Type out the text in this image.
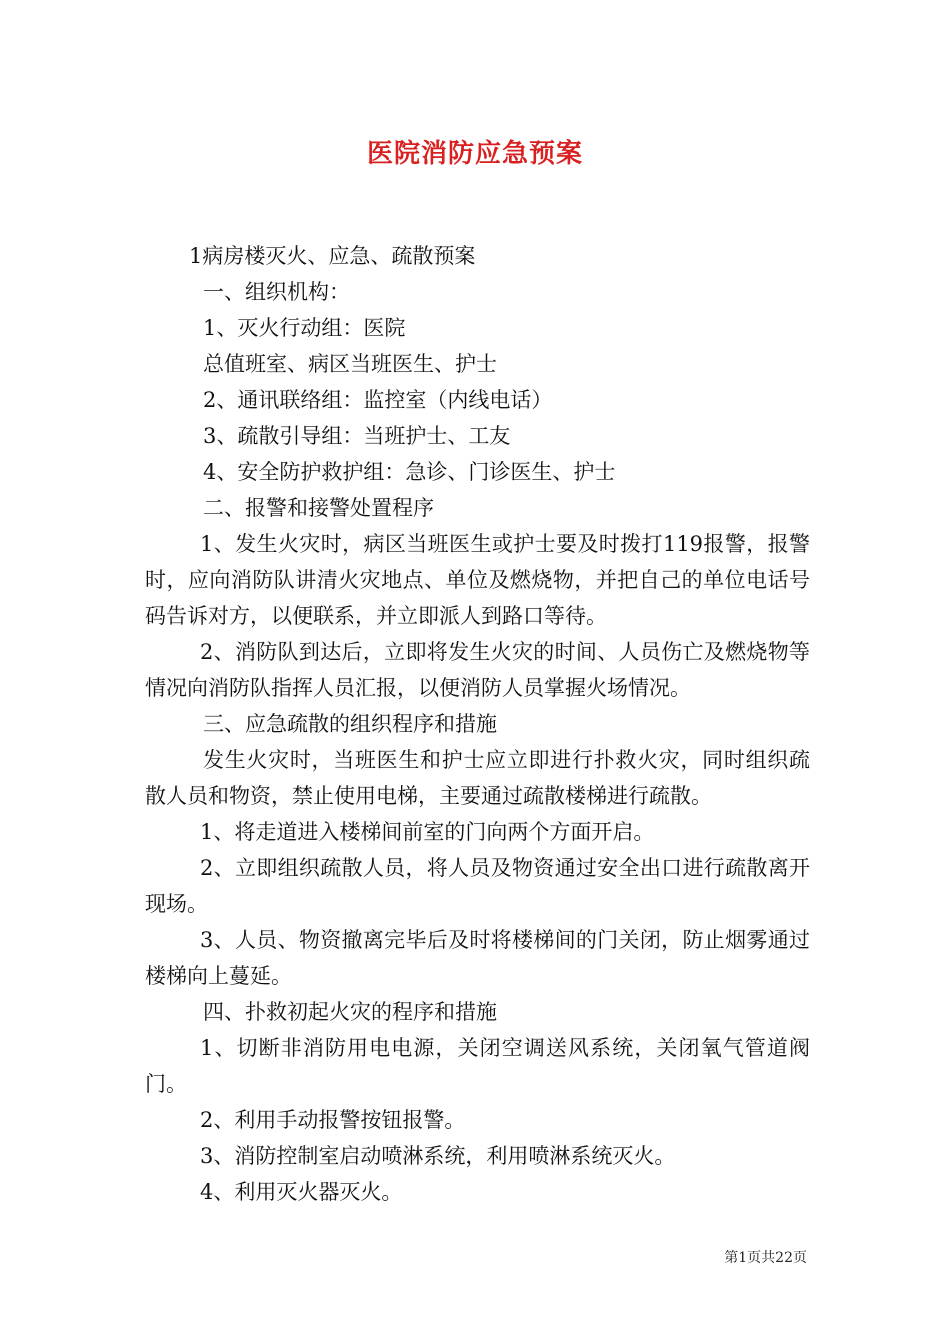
医院消防应急预案
1病房楼灭火、应急、疏散预案
一、组织机构：
1、灭火行动组：医院
总值班室、病区当班医生、护士
2、通讯联络组：监控室（内线电话）
3、疏散引导组：当班护士、工友
4、安全防护救护组：急诊、门诊医生、护士
二、报警和接警处置程序
1、发生火灾时，病区当班医生或护士要及时拨打119报警，报警时，应向消防队讲清火灾地点、单位及燃烧物，并把自己的单位电话号码告诉对方，以便联系，并立即派人到路口等待。
2、消防队到达后，立即将发生火灾的时间、人员伤亡及燃烧物等情况向消防队指挥人员汇报，以便消防人员掌握火场情况。
三、应急疏散的组织程序和措施
发生火灾时，当班医生和护士应立即进行扑救火灾，同时组织疏散人员和物资，禁止使用电梯，主要通过疏散楼梯进行疏散。
1、将走道进入楼梯间前室的门向两个方面开启。
2、立即组织疏散人员，将人员及物资通过安全出口进行疏散离开现场。
3、人员、物资撤离完毕后及时将楼梯间的门关闭，防止烟雾通过楼梯向上蔓延。
四、扑救初起火灾的程序和措施
1、切断非消防用电电源，关闭空调送风系统，关闭氧气管道阀门。
2、利用手动报警按钮报警。
3、消防控制室启动喷淋系统，利用喷淋系统灭火。
4、利用灭火器灭火。
第1页共22页
